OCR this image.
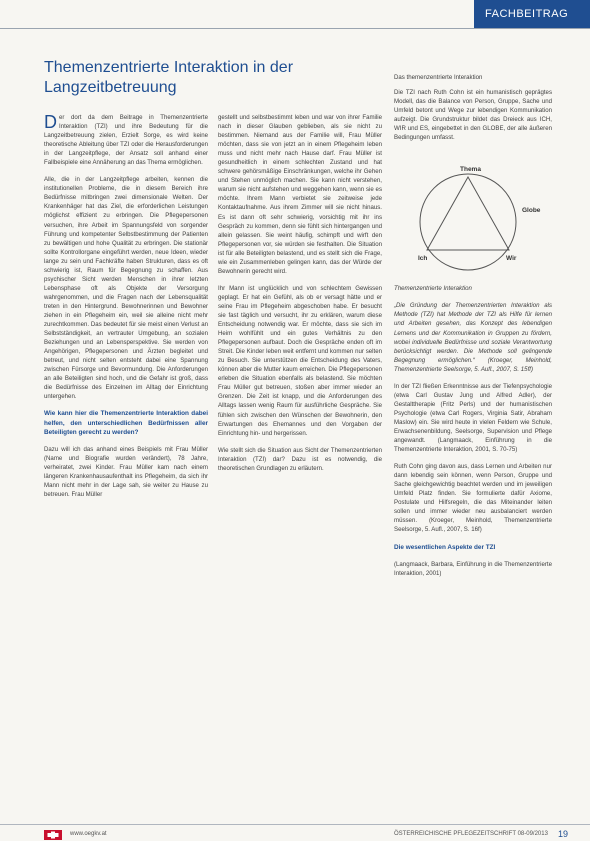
FACHBEITRAG
Themenzentrierte Interaktion in der Langzeitbetreuung

Der dort da dem Beitrage in Themenzentrierte Interaktion (TZI) und ihre Bedeutung für die Langzeitbetreuung zielen, Erzielt Sorge, es wird keine theoretische Ableitung über TZI oder die Herausforderungen in der Langzeitpflege, der Ansatz soll anhand einer Fallbeispiele eine Annäherung an das Thema ermöglichen.

Alle, die in der Langzeitpflege arbeiten, kennen die institutionellen Probleme, die in diesem Bereich ihre Bedürfnisse mitbringen zwei dimensionale Welten. Der Krankenhäger hat das Ziel, die erforderlichen Leistungen möglichst effizient zu erbringen. Die Pflegepersonen versuchen, ihre Arbeit im Spannungsfeld von sorgender Führung und kompetenter Selbstbestimmung der Patienten zu bewältigen und hohe Qualität zu erbringen. Die stationär sollte Kontrollorgane eingeführt werden, neue Ideen, wieder lange zu sein und Fachkräfte haben Strukturen, dass es oft schwierig ist, Raum für Begegnung zu schaffen. Aus psychischer Sicht werden Menschen in ihrer letzten Lebensphase oft als Objekte der Versorgung wahrgenommen, und die Fragen nach der Lebensqualität treten in den Hintergrund. Bewohnerinnen und Bewohner ziehen in ein Pflegeheim ein, weil sie alleine nicht mehr zurechtkommen. Das bedeutet für sie meist einen Verlust an Selbstständigkeit, an vertrauter Umgebung, an sozialen Beziehungen und an Lebensperspektive. Sie werden von Angehörigen, Pflegepersonen und Ärzten begleitet und betreut, und nicht selten entsteht dabei eine Spannung zwischen Fürsorge und Bevormundung. Die Anforderungen an alle Beteiligten sind hoch, und die Gefahr ist groß, dass die Bedürfnisse des Einzelnen im Alltag der Einrichtung untergehen.

Wie kann hier die Themenzentrierte Interaktion dabei helfen, den unterschiedlichen Bedürfnissen aller Beteiligten gerecht zu werden?

Dazu will ich das anhand eines Beispiels mit Frau Müller (Name und Biografie wurden verändert), 78 Jahre, verheiratet, zwei Kinder. Frau Müller kam nach einem längeren Krankenhausaufenthalt ins Pflegeheim, da sich ihr Mann nicht mehr in der Lage sah, sie weiter zu Hause zu betreuen. Frau Müller

gestellt und selbstbestimmt leben und war von ihrer Familie nach in dieser Glauben geblieben, als sie nicht zu bestimmen. Niemand aus der Familie will, Frau Müller möchten, dass sie von jetzt an in einem Pflegeheim leben muss und nicht mehr nach Hause darf. Frau Müller ist gesundheitlich in einem schlechten Zustand und hat schwere gehörsmäßige Einschränkungen, welche ihr Gehen und Stehen unmöglich machen. Sie kann nicht verstehen, warum sie nicht aufstehen und weggehen kann, wenn sie es möchte. Ihrem Mann verbietet sie zeitweise jede Kontaktaufnahme. Aus ihrem Zimmer will sie nicht hinaus. Es ist dann oft sehr schwierig, vorsichtig mit ihr ins Gespräch zu kommen, denn sie fühlt sich hintergangen und allein gelassen. Sie weint häufig, schimpft und wirft den Pflegepersonen vor, sie würden sie festhalten. Die Situation ist für alle Beteiligten belastend, und es stellt sich die Frage, wie ein Zusammenleben gelingen kann, das der Würde der Bewohnerin gerecht wird.

Ihr Mann ist unglücklich und von schlechtem Gewissen geplagt. Er hat ein Gefühl, als ob er versagt hätte und er seine Frau im Pflegeheim abgeschoben habe. Er besucht sie fast täglich und versucht, ihr zu erklären, warum diese Entscheidung notwendig war. Er möchte, dass sie sich im Heim wohlfühlt und ein gutes Verhältnis zu den Pflegepersonen aufbaut. Doch die Gespräche enden oft im Streit. Die Kinder leben weit entfernt und kommen nur selten zu Besuch. Sie unterstützen die Entscheidung des Vaters, können aber die Mutter kaum erreichen. Die Pflegepersonen erleben die Situation ebenfalls als belastend. Sie möchten Frau Müller gut betreuen, stoßen aber immer wieder an Grenzen. Die Zeit ist knapp, und die Anforderungen des Alltags lassen wenig Raum für ausführliche Gespräche. Sie fühlen sich zwischen den Wünschen der Bewohnerin, den Erwartungen des Ehemannes und den Vorgaben der Einrichtung hin- und hergerissen.

Wie stellt sich die Situation aus Sicht der Themenzentrierten Interaktion (TZI) dar? Dazu ist es notwendig, die theoretischen Grundlagen zu erläutern.

Das themenzentrierte Interaktion

Die TZI nach Ruth Cohn ist ein humanistisch geprägtes Modell, das die Balance von Person, Gruppe, Sache und Umfeld betont und Wege zur lebendigen Kommunikation aufzeigt. Die Grundstruktur bildet das Dreieck aus ICH, WIR und ES, eingebettet in den GLOBE, der alle äußeren Bedingungen umfasst.

Thema
Globe
Ich	Wir

Themenzentrierte Interaktion

„Die Gründung der Themenzentrierten Interaktion als Methode (TZI) hat Methode der TZI als Hilfe für lernen und Arbeiten gesehen, das Konzept des lebendigen Lernens und der Kommunikation in Gruppen zu fördern, wobei individuelle Bedürfnisse und soziale Verantwortung berücksichtigt werden. Die Methode soll gelingende Begegnung ermöglichen.“ (Kroeger, Meinhold, Themenzentrierte Seelsorge, 5. Aufl., 2007, S. 15ff)

In der TZI fließen Erkenntnisse aus der Tiefenpsychologie (etwa Carl Gustav Jung und Alfred Adler), der Gestalttherapie (Fritz Perls) und der humanistischen Psychologie (etwa Carl Rogers, Virginia Satir, Abraham Maslow) ein. Sie wird heute in vielen Feldern wie Schule, Erwachsenenbildung, Seelsorge, Supervision und Pflege angewandt. (Langmaack, Einführung in die Themenzentrierte Interaktion, 2001, S. 70-75)

Ruth Cohn ging davon aus, dass Lernen und Arbeiten nur dann lebendig sein können, wenn Person, Gruppe und Sache gleichgewichtig beachtet werden und im jeweiligen Umfeld Platz finden. Sie formulierte dafür Axiome, Postulate und Hilfsregeln, die das Miteinander leiten sollen und immer wieder neu ausbalanciert werden müssen. (Kroeger, Meinhold, Themenzentrierte Seelsorge, 5. Aufl., 2007, S. 16f)

Die wesentlichen Aspekte der TZI

(Langmaack, Barbara, Einführung in die Themenzentrierte Interaktion, 2001)

www.oegkv.at	ÖSTERREICHISCHE PFLEGEZEITSCHRIFT 08-09/2013 19
